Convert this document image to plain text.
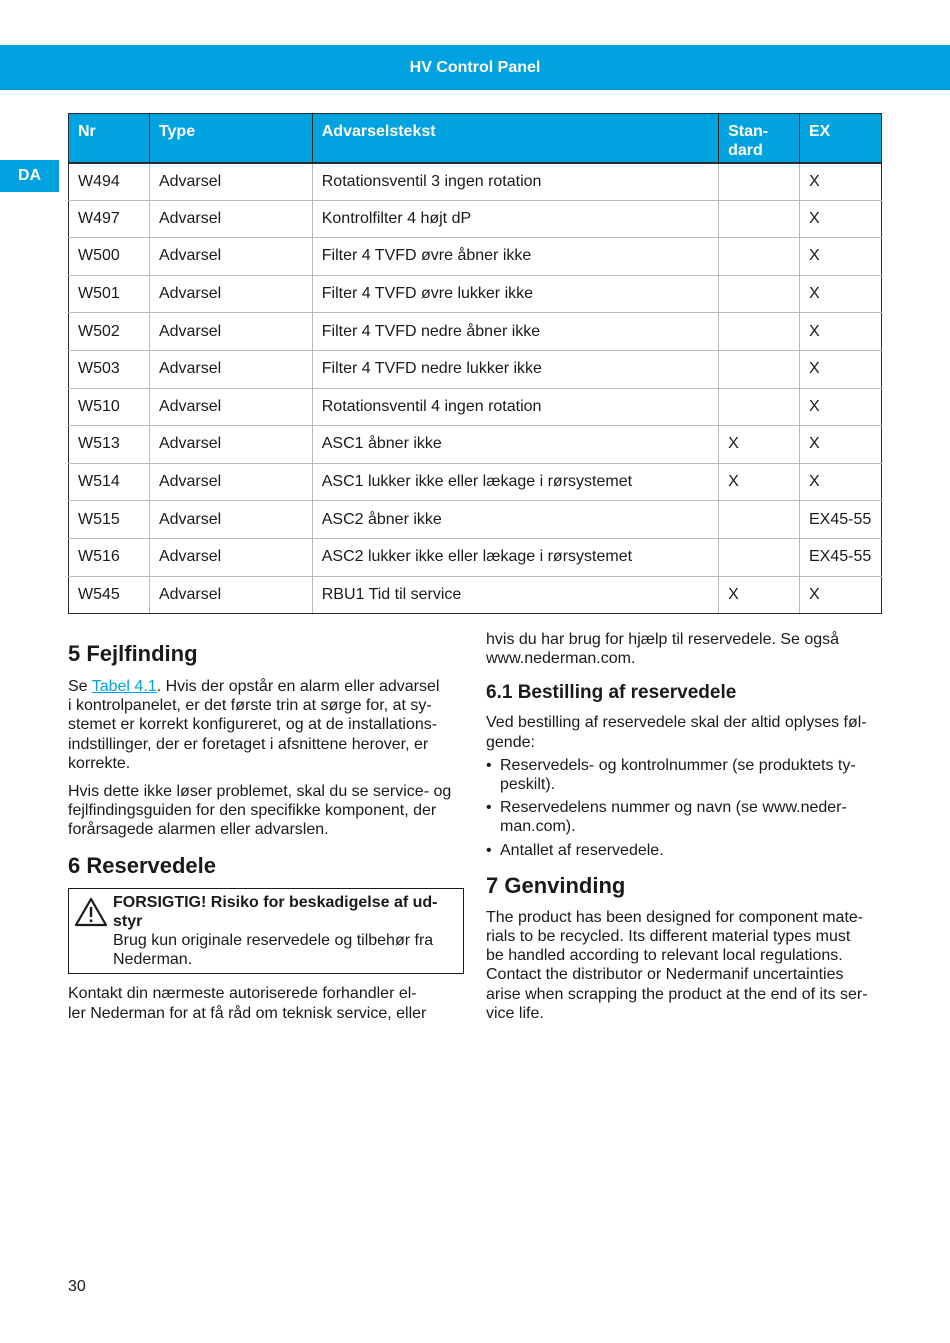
HV Control Panel
DA
Nr	Type	Advarselstekst	Stan-
dard	EX
W494	Advarsel	Rotationsventil 3 ingen rotation		X
W497	Advarsel	Kontrolfilter 4 højt dP		X
W500	Advarsel	Filter 4 TVFD øvre åbner ikke		X
W501	Advarsel	Filter 4 TVFD øvre lukker ikke		X
W502	Advarsel	Filter 4 TVFD nedre åbner ikke		X
W503	Advarsel	Filter 4 TVFD nedre lukker ikke		X
W510	Advarsel	Rotationsventil 4 ingen rotation		X
W513	Advarsel	ASC1 åbner ikke	X	X
W514	Advarsel	ASC1 lukker ikke eller lækage i rørsystemet	X	X
W515	Advarsel	ASC2 åbner ikke		EX45-55
W516	Advarsel	ASC2 lukker ikke eller lækage i rørsystemet		EX45-55
W545	Advarsel	RBU1 Tid til service	X	X
5 Fejlfinding

Se Tabel 4.1. Hvis der opstår en alarm eller advarsel
i kontrolpanelet, er det første trin at sørge for, at sy-
stemet er korrekt konfigureret, og at de installations-
indstillinger, der er foretaget i afsnittene herover, er
korrekte.

Hvis dette ikke løser problemet, skal du se service- og
fejlfindingsguiden for den specifikke komponent, der
forårsagede alarmen eller advarslen.

6 Reservedele
FORSIGTIG! Risiko for beskadigelse af ud-
styr
Brug kun originale reservedele og tilbehør fra
Nederman.

Kontakt din nærmeste autoriserede forhandler el-
ler Nederman for at få råd om teknisk service, eller

hvis du har brug for hjælp til reservedele. Se også
www.nederman.com.

6.1 Bestilling af reservedele

Ved bestilling af reservedele skal der altid oplyses føl-
gende:

• Reservedels- og kontrolnummer (se produktets ty-
peskilt).
• Reservedelens nummer og navn (se www.neder-
man.com).
• Antallet af reservedele.
7 Genvinding

The product has been designed for component mate-
rials to be recycled. Its different material types must
be handled according to relevant local regulations.
Contact the distributor or Nedermanif uncertainties
arise when scrapping the product at the end of its ser-
vice life.

30
